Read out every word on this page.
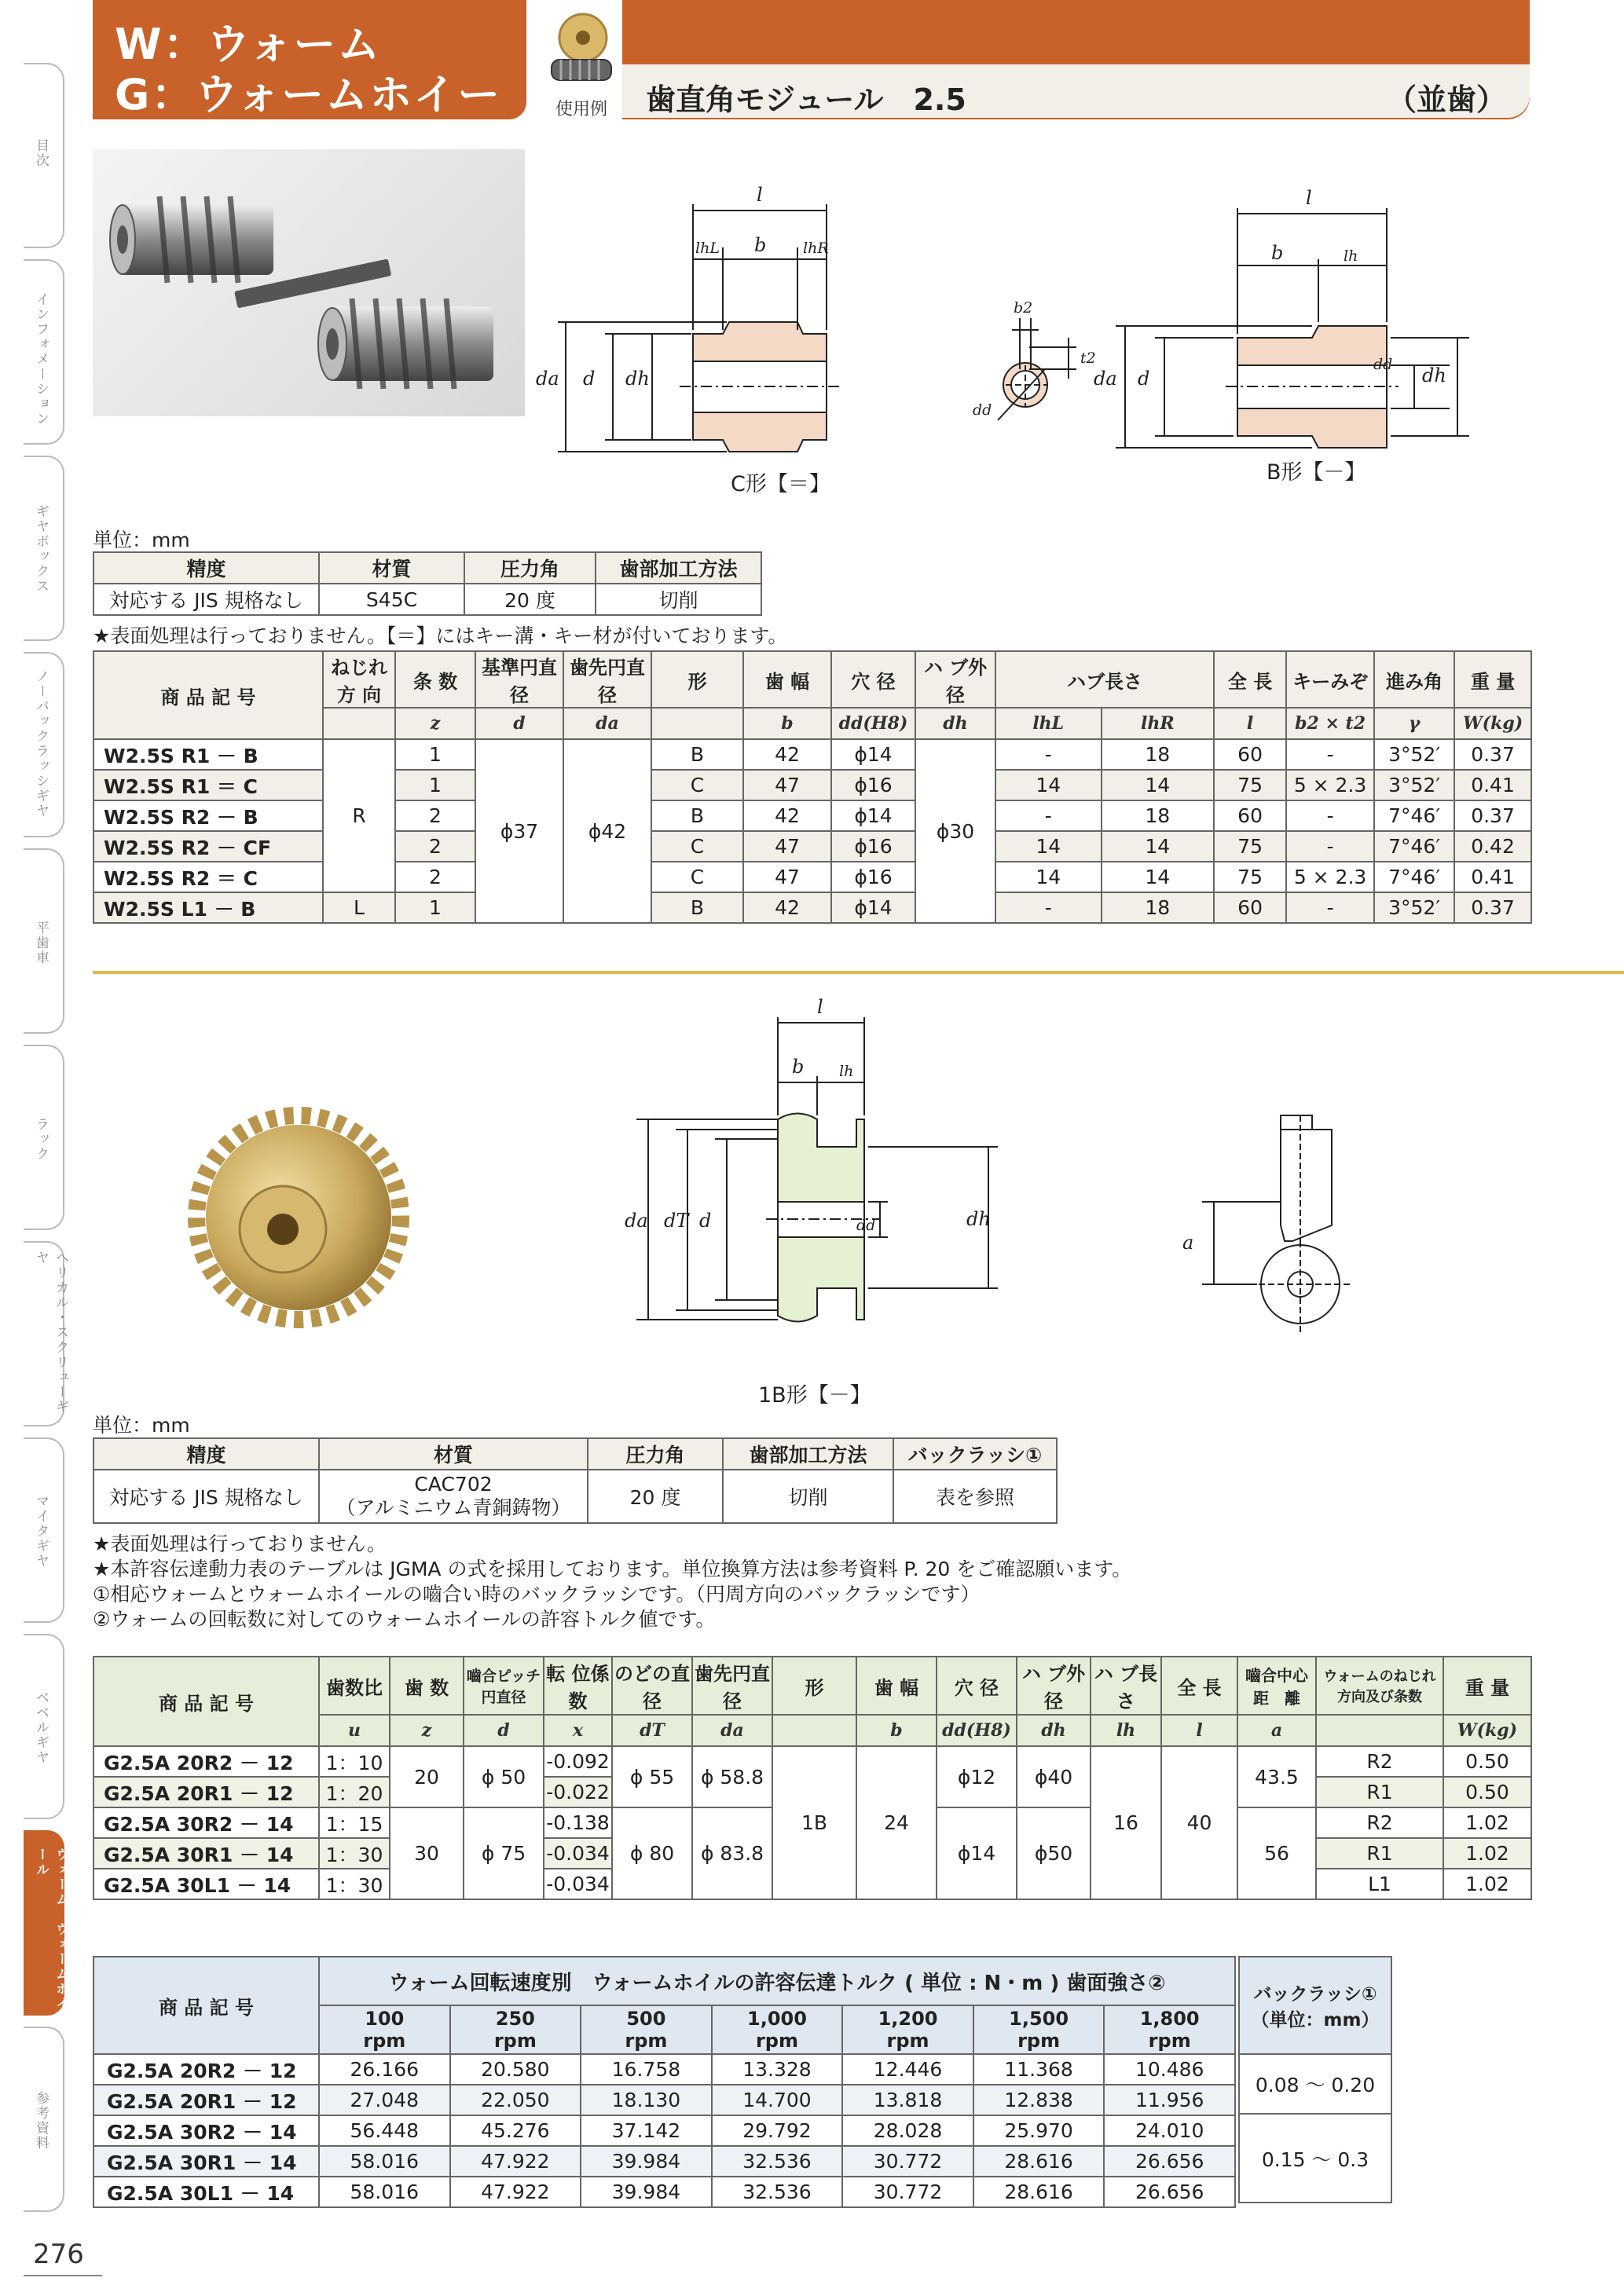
目次
インフォメーション
ギヤボックス
ノーバックラッシギヤ
平歯車
ラック
ヘリカル・スクリューギヤ
マイタギヤ
ベベルギヤ
ウォーム、ウォームホイール
参考資料
276
W：ウォーム
G：ウォームホイー	使用例	歯直角モジュール　2.5	（並歯）
l
lhL b lhR
da d dh
b2
t2
dd
C形【＝】
l
b	lh
da d
dd dh
B形【－】
単位：mm
精度	材質	圧力角	歯部加工方法
対応する JIS 規格なし	S45C	20 度	切削
★表面処理は行っておりません。【＝】にはキー溝・キー材が付いております。
商 品 記 号	ねじれ方 向	条 数	基準円直 径	歯先円直 径	形	歯 幅	穴 径	ハ ブ外 径	ハブ長さ		全 長	キーみぞ	進み角	重 量
		z	d	da		b	dd(H8)	dh	lhL	lhR	l	b2 × t2	γ	W(kg)
W2.5S R1 － B	R	1	ϕ37	ϕ42	B	42	ϕ14	ϕ30	-	18	60	-	3°52′	0.37
W2.5S R1 ＝ C		1			C	47	ϕ16		14	14	75	5 × 2.3	3°52′	0.41
W2.5S R2 － B		2			B	42	ϕ14		-	18	60	-	7°46′	0.37
W2.5S R2 － CF		2			C	47	ϕ16		14	14	75	-	7°46′	0.42
W2.5S R2 ＝ C		2			C	47	ϕ16		14	14	75	5 × 2.3	7°46′	0.41
W2.5S L1 － B	L	1			B	42	ϕ14		-	18	60	-	3°52′	0.37
l
b lh
da dT d	dd	dh
a
1B形【－】
単位：mm
精度	材質	圧力角	歯部加工方法	バックラッシ①
対応する JIS 規格なし	CAC702
（アルミニウム青銅鋳物）	20 度	切削	表を参照
★表面処理は行っておりません。
★本許容伝達動力表のテーブルは JGMA の式を採用しております。単位換算方法は参考資料 P. 20 をご確認願います。
①相応ウォームとウォームホイールの嚙合い時のバックラッシです。（円周方向のバックラッシです）
②ウォームの回転数に対してのウォームホイールの許容トルク値です。
商 品 記 号	歯数比	歯 数	嚙合ピッチ円直径	転 位係 数	のどの直 径	歯先円直 径	形	歯 幅	穴 径	ハ ブ外 径	ハ ブ長 さ	全 長	嚙合中心距　離	ウォームのねじれ方向及び条数	重 量
	u	z	d	x	dT	da		b	dd(H8)	dh	lh	l	a		W(kg)
G2.5A 20R2 － 12	1：10	20	ϕ 50	-0.092	ϕ 55	ϕ 58.8	1B	24	ϕ12	ϕ40	16	40	43.5	R2	0.50
G2.5A 20R1 － 12	1：20			-0.022										R1	0.50
G2.5A 30R2 － 14	1：15	30	ϕ 75	-0.138	ϕ 80	ϕ 83.8			ϕ14	ϕ50			56	R2	1.02
G2.5A 30R1 － 14	1：30			-0.034										R1	1.02
G2.5A 30L1 － 14	1：30			-0.034										L1	1.02
商 品 記 号	ウォーム回転速度別　ウォームホイルの許容伝達トルク ( 単位 : N・m ) 歯面強さ②						
	100
rpm	250
rpm	500
rpm	1,000
rpm	1,200
rpm	1,500
rpm	1,800
rpm
G2.5A 20R2 － 12	26.166	20.580	16.758	13.328	12.446	11.368	10.486
G2.5A 20R1 － 12	27.048	22.050	18.130	14.700	13.818	12.838	11.956
G2.5A 30R2 － 14	56.448	45.276	37.142	29.792	28.028	25.970	24.010
G2.5A 30R1 － 14	58.016	47.922	39.984	32.536	30.772	28.616	26.656
G2.5A 30L1 － 14	58.016	47.922	39.984	32.536	30.772	28.616	26.656
バックラッシ①（単位：mm）
0.08 ～ 0.20
0.15 ～ 0.3
